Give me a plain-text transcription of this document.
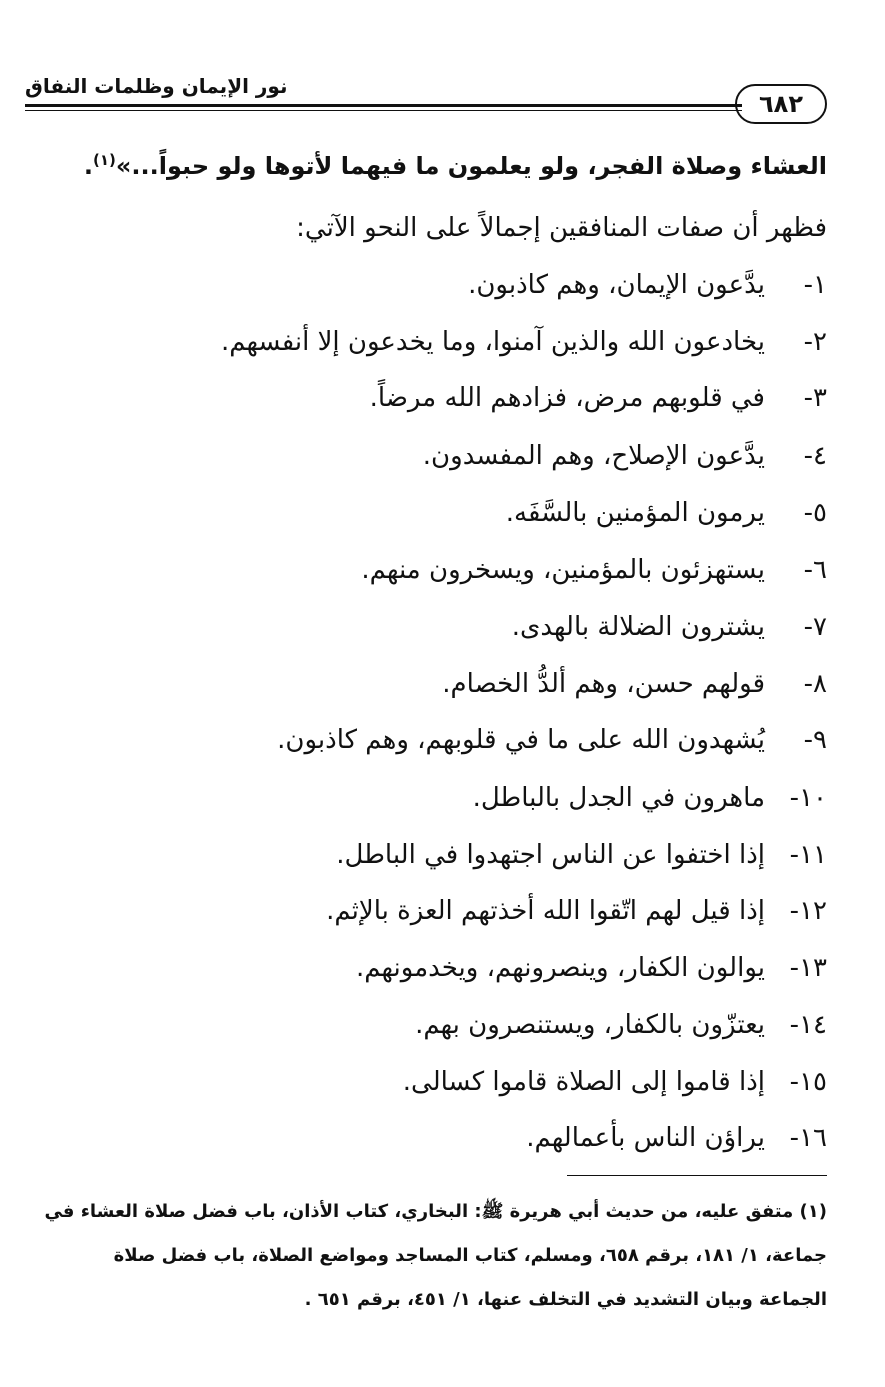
نور الإيمان وظلمات النفاق
٦٨٢
العشاء وصلاة الفجر، ولو يعلمون ما فيهما لأتوها ولو حبواً...»$^{(١)}$.
فظهر أن صفات المنافقين إجمالاً على النحو الآتي:
١-
يدَّعون الإيمان، وهم كاذبون.
٢-
يخادعون الله والذين آمنوا، وما يخدعون إلا أنفسهم.
٣-
في قلوبهم مرض، فزادهم الله مرضاً.
٤-
يدَّعون الإصلاح، وهم المفسدون.
٥-
يرمون المؤمنين بالسَّفَه.
٦-
يستهزئون بالمؤمنين، ويسخرون منهم.
٧-
يشترون الضلالة بالهدى.
٨-
قولهم حسن، وهم ألدُّ الخصام.
٩-
يُشهدون الله على ما في قلوبهم، وهم كاذبون.
١٠-
ماهرون في الجدل بالباطل.
١١-
إذا اختفوا عن الناس اجتهدوا في الباطل.
١٢-
إذا قيل لهم اتّقوا الله أخذتهم العزة بالإثم.
١٣-
يوالون الكفار، وينصرونهم، ويخدمونهم.
١٤-
يعتزّون بالكفار، ويستنصرون بهم.
١٥-
إذا قاموا إلى الصلاة قاموا كسالى.
١٦-
يراؤن الناس بأعمالهم.
(١) متفق عليه، من حديث أبي هريرة ﷺ: البخاري، كتاب الأذان، باب فضل صلاة العشاء في
جماعة، ١/ ١٨١، برقم ٦٥٨، ومسلم، كتاب المساجد ومواضع الصلاة، باب فضل صلاة
الجماعة وبيان التشديد في التخلف عنها، ١/ ٤٥١، برقم ٦٥١ .
